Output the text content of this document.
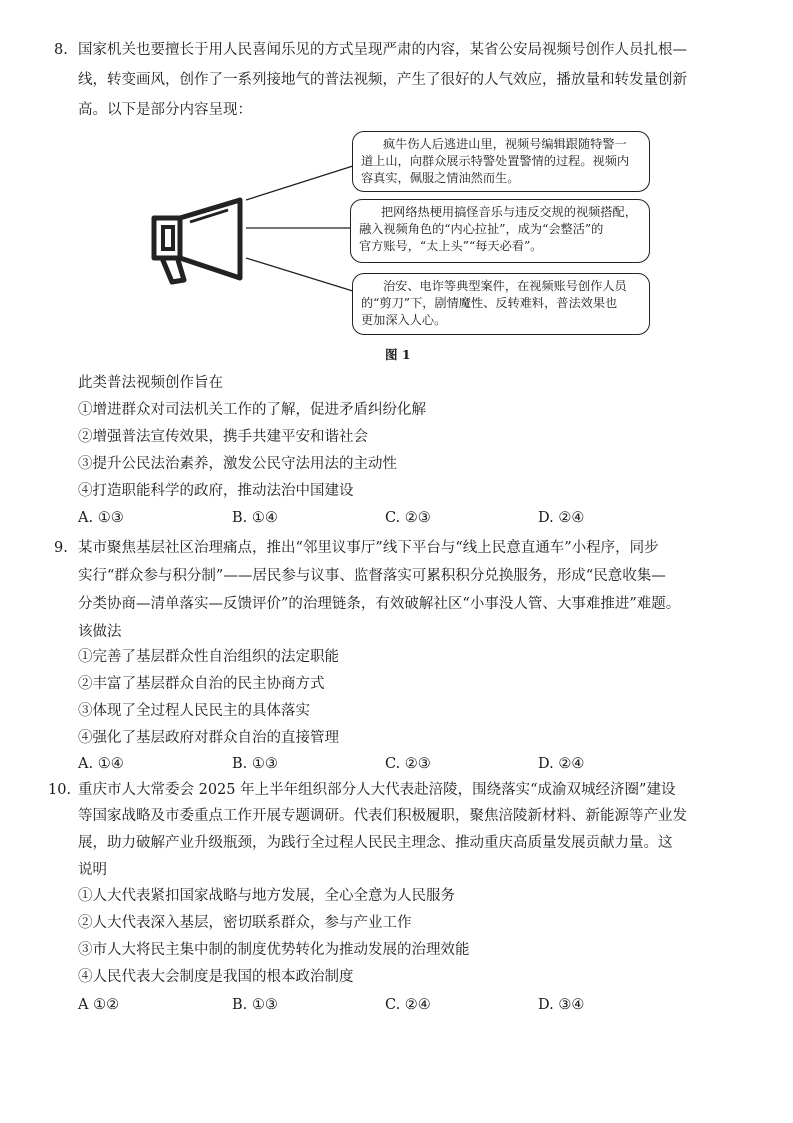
8. 国家机关也要擅长于用人民喜闻乐见的方式呈现严肃的内容，某省公安局视频号创作人员扎根—
线，转变画风，创作了一系列接地气的普法视频，产生了很好的人气效应，播放量和转发量创新
高。以下是部分内容呈现：
疯牛伤人后逃进山里，视频号编辑跟随特警一
道上山，向群众展示特警处置警情的过程。视频内
容真实，佩服之情油然而生。
把网络热梗用搞怪音乐与违反交规的视频搭配，
融入视频角色的“内心拉扯”，成为“会整活”的
官方账号，“太上头”“每天必看”。
治安、电诈等典型案件，在视频账号创作人员
的“剪刀”下，剧情魔性、反转难料，普法效果也
更加深入人心。
图 1
此类普法视频创作旨在
①增进群众对司法机关工作的了解，促进矛盾纠纷化解
②增强普法宣传效果，携手共建平安和谐社会
③提升公民法治素养，激发公民守法用法的主动性
④打造职能科学的政府，推动法治中国建设
A. ①③	B. ①④	C. ②③	D. ②④
9. 某市聚焦基层社区治理痛点，推出“邻里议事厅”线下平台与“线上民意直通车”小程序，同步
实行“群众参与积分制”——居民参与议事、监督落实可累积积分兑换服务，形成“民意收集—
分类协商—清单落实—反馈评价”的治理链条，有效破解社区“小事没人管、大事难推进”难题。
该做法
①完善了基层群众性自治组织的法定职能
②丰富了基层群众自治的民主协商方式
③体现了全过程人民民主的具体落实
④强化了基层政府对群众自治的直接管理
A. ①④	B. ①③	C. ②③	D. ②④
10. 重庆市人大常委会 2025 年上半年组织部分人大代表赴涪陵，围绕落实“成渝双城经济圈”建设
等国家战略及市委重点工作开展专题调研。代表们积极履职，聚焦涪陵新材料、新能源等产业发
展，助力破解产业升级瓶颈，为践行全过程人民民主理念、推动重庆高质量发展贡献力量。这
说明
①人大代表紧扣国家战略与地方发展，全心全意为人民服务
②人大代表深入基层，密切联系群众，参与产业工作
③市人大将民主集中制的制度优势转化为推动发展的治理效能
④人民代表大会制度是我国的根本政治制度
A ①②	B. ①③	C. ②④	D. ③④
